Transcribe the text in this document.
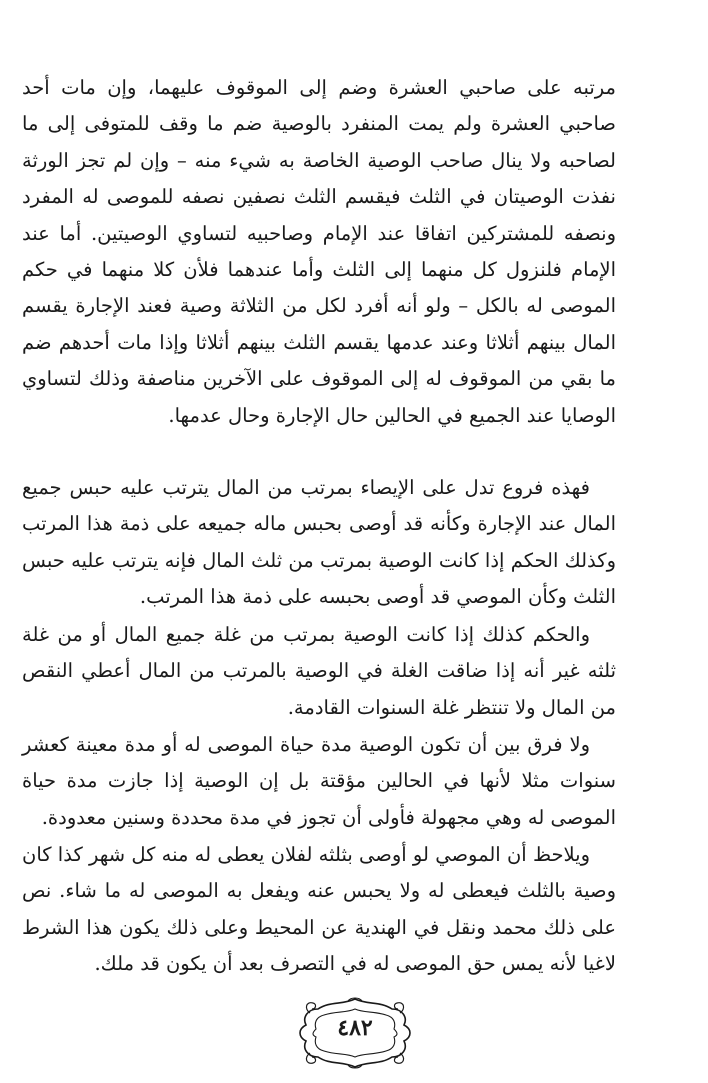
مرتبه على صاحبي العشرة وضم إلى الموقوف عليهما، وإن مات أحد صاحبي العشرة ولم يمت المنفرد بالوصية ضم ما وقف للمتوفى إلى ما لصاحبه ولا ينال صاحب الوصية الخاصة به شيء منه – وإن لم تجز الورثة نفذت الوصيتان في الثلث فيقسم الثلث نصفين نصفه للموصى له المفرد ونصفه للمشتركين اتفاقا عند الإمام وصاحبيه لتساوي الوصيتين. أما عند الإمام فلنزول كل منهما إلى الثلث وأما عندهما فلأن كلا منهما في حكم الموصى له بالكل – ولو أنه أفرد لكل من الثلاثة وصية فعند الإجارة يقسم المال بينهم أثلاثا وعند عدمها يقسم الثلث بينهم أثلاثا وإذا مات أحدهم ضم ما بقي من الموقوف له إلى الموقوف على الآخرين مناصفة وذلك لتساوي الوصايا عند الجميع في الحالين حال الإجارة وحال عدمها.

فهذه فروع تدل على الإيصاء بمرتب من المال يترتب عليه حبس جميع المال عند الإجارة وكأنه قد أوصى بحبس ماله جميعه على ذمة هذا المرتب وكذلك الحكم إذا كانت الوصية بمرتب من ثلث المال فإنه يترتب عليه حبس الثلث وكأن الموصي قد أوصى بحبسه على ذمة هذا المرتب.

والحكم كذلك إذا كانت الوصية بمرتب من غلة جميع المال أو من غلة ثلثه غير أنه إذا ضاقت الغلة في الوصية بالمرتب من المال أعطي النقص من المال ولا تنتظر غلة السنوات القادمة.

ولا فرق بين أن تكون الوصية مدة حياة الموصى له أو مدة معينة كعشر سنوات مثلا لأنها في الحالين مؤقتة بل إن الوصية إذا جازت مدة حياة الموصى له وهي مجهولة فأولى أن تجوز في مدة محددة وسنين معدودة.

ويلاحظ أن الموصي لو أوصى بثلثه لفلان يعطى له منه كل شهر كذا كان وصية بالثلث فيعطى له ولا يحبس عنه ويفعل به الموصى له ما شاء. نص على ذلك محمد ونقل في الهندية عن المحيط وعلى ذلك يكون هذا الشرط لاغيا لأنه يمس حق الموصى له في التصرف بعد أن يكون قد ملك.

٤٨٢
